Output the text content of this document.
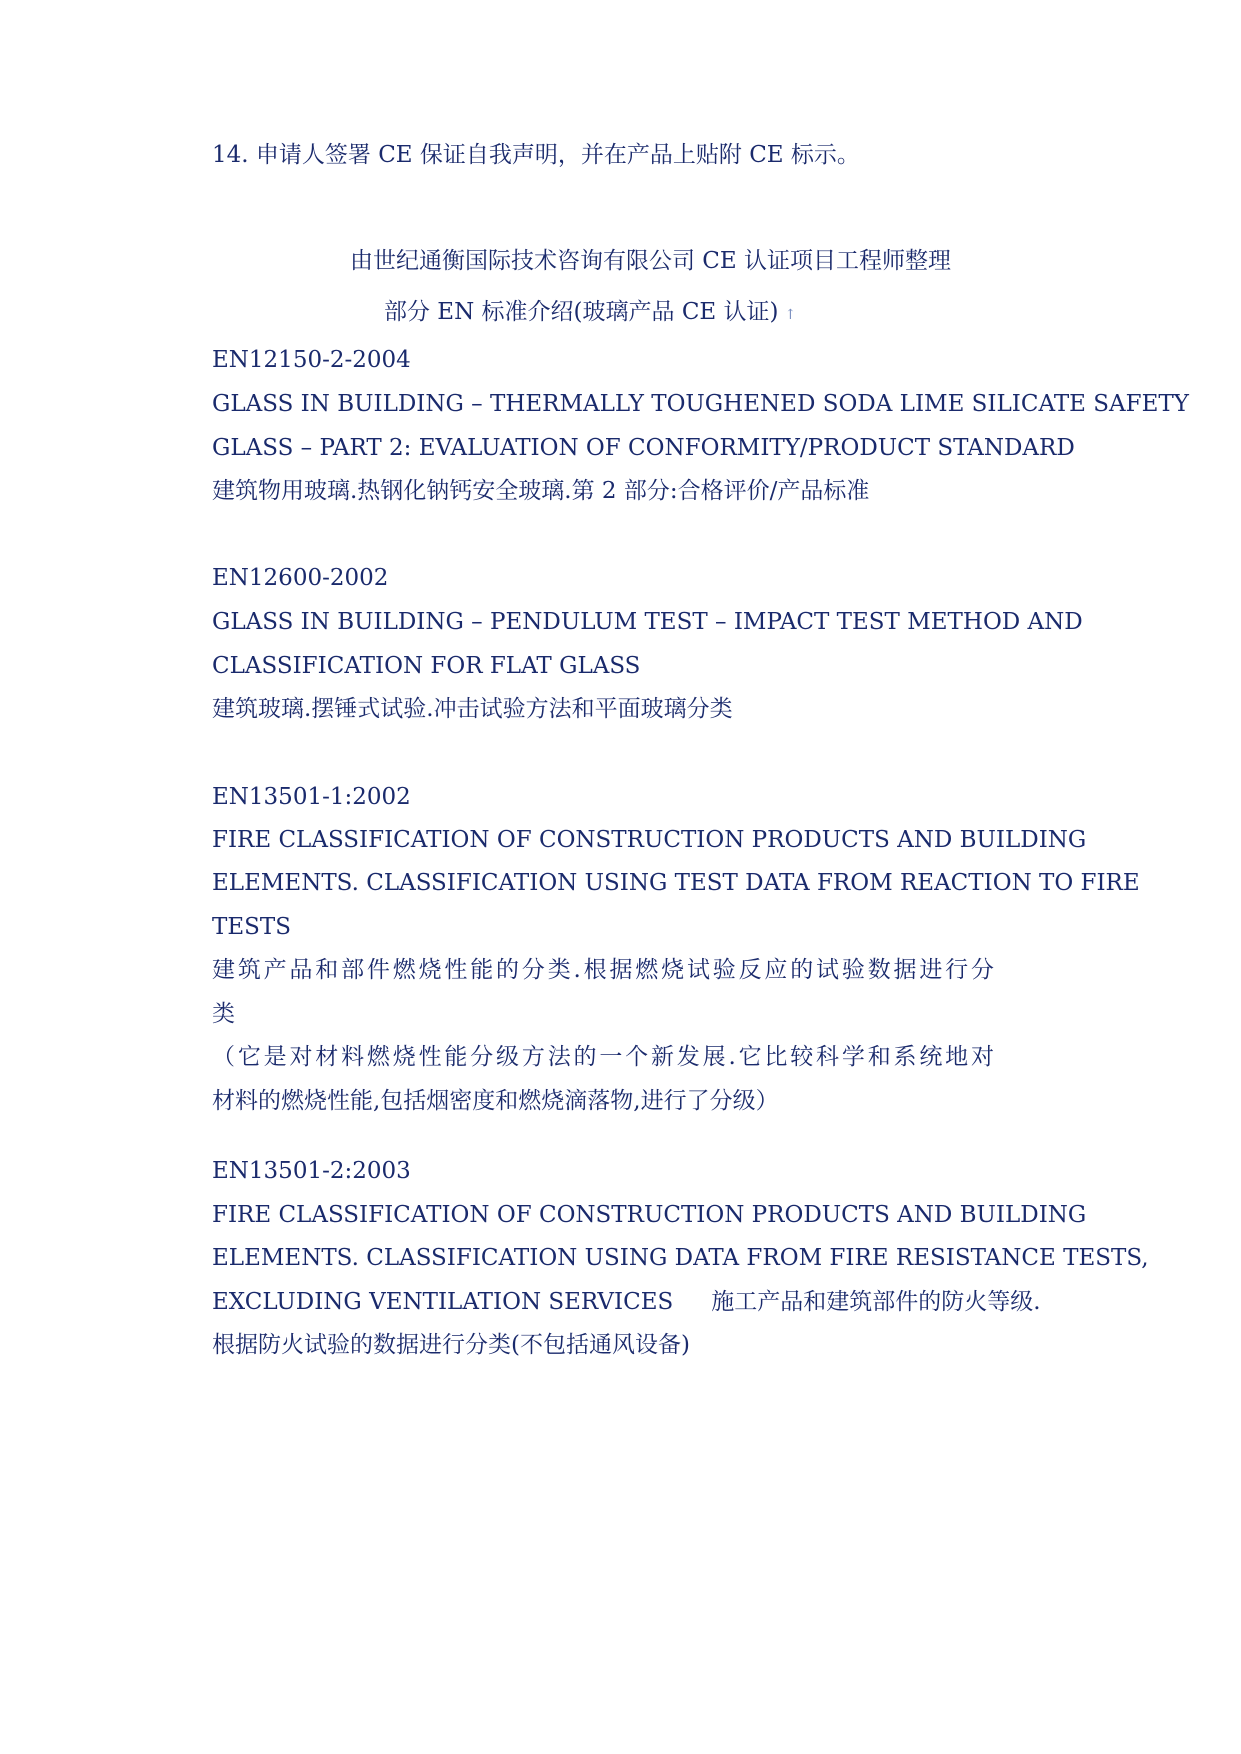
14. 申请人签署 CE 保证自我声明，并在产品上贴附 CE 标示。
由世纪通衡国际技术咨询有限公司 CE 认证项目工程师整理
部分 EN 标准介绍(玻璃产品 CE 认证) ↑
EN12150-2-2004
GLASS IN BUILDING – THERMALLY TOUGHENED SODA LIME SILICATE SAFETY
GLASS – PART 2: EVALUATION OF CONFORMITY/PRODUCT STANDARD
建筑物用玻璃.热钢化钠钙安全玻璃.第 2 部分:合格评价/产品标准
EN12600-2002
GLASS IN BUILDING – PENDULUM TEST – IMPACT TEST METHOD AND
CLASSIFICATION FOR FLAT GLASS
建筑玻璃.摆锤式试验.冲击试验方法和平面玻璃分类
EN13501-1:2002
FIRE CLASSIFICATION OF CONSTRUCTION PRODUCTS AND BUILDING
ELEMENTS. CLASSIFICATION USING TEST DATA FROM REACTION TO FIRE
TESTS
建筑产品和部件燃烧性能的分类.根据燃烧试验反应的试验数据进行分
类
（它是对材料燃烧性能分级方法的一个新发展.它比较科学和系统地对
材料的燃烧性能,包括烟密度和燃烧滴落物,进行了分级）
EN13501-2:2003
FIRE CLASSIFICATION OF CONSTRUCTION PRODUCTS AND BUILDING
ELEMENTS. CLASSIFICATION USING DATA FROM FIRE RESISTANCE TESTS,
EXCLUDING VENTILATION SERVICES 施工产品和建筑部件的防火等级.
根据防火试验的数据进行分类(不包括通风设备)
